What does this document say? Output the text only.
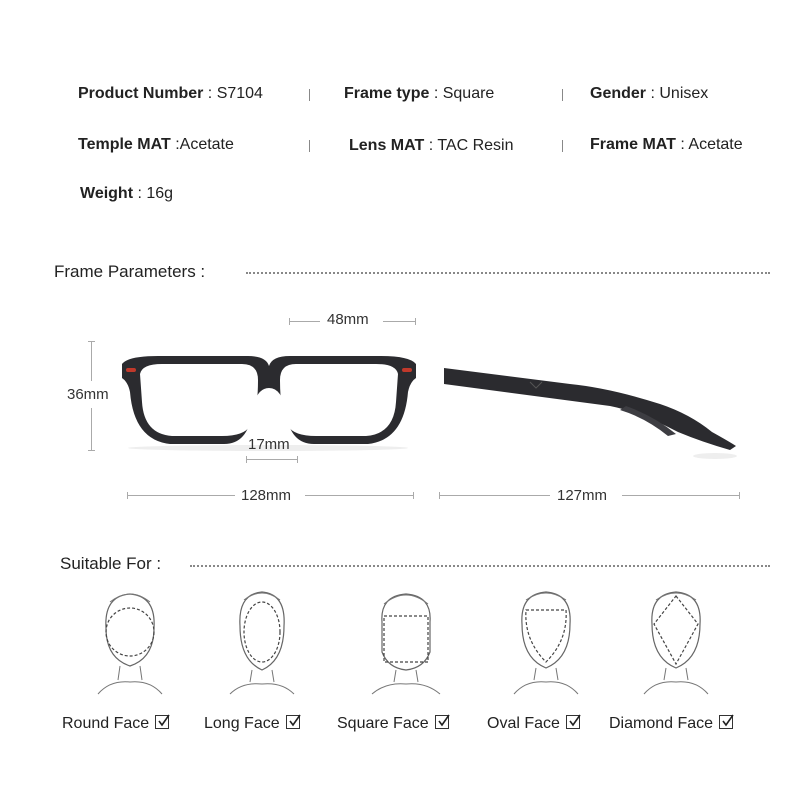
Product Number : S7104	Frame type : Square	Gender : Unisex
Temple MAT :Acetate	Lens MAT : TAC Resin	Frame MAT : Acetate
Weight : 16g
Frame Parameters :
48mm
36mm
17mm
128mm	127mm
Suitable For :
Round Face	Long Face	Square Face	Oval Face	Diamond Face
